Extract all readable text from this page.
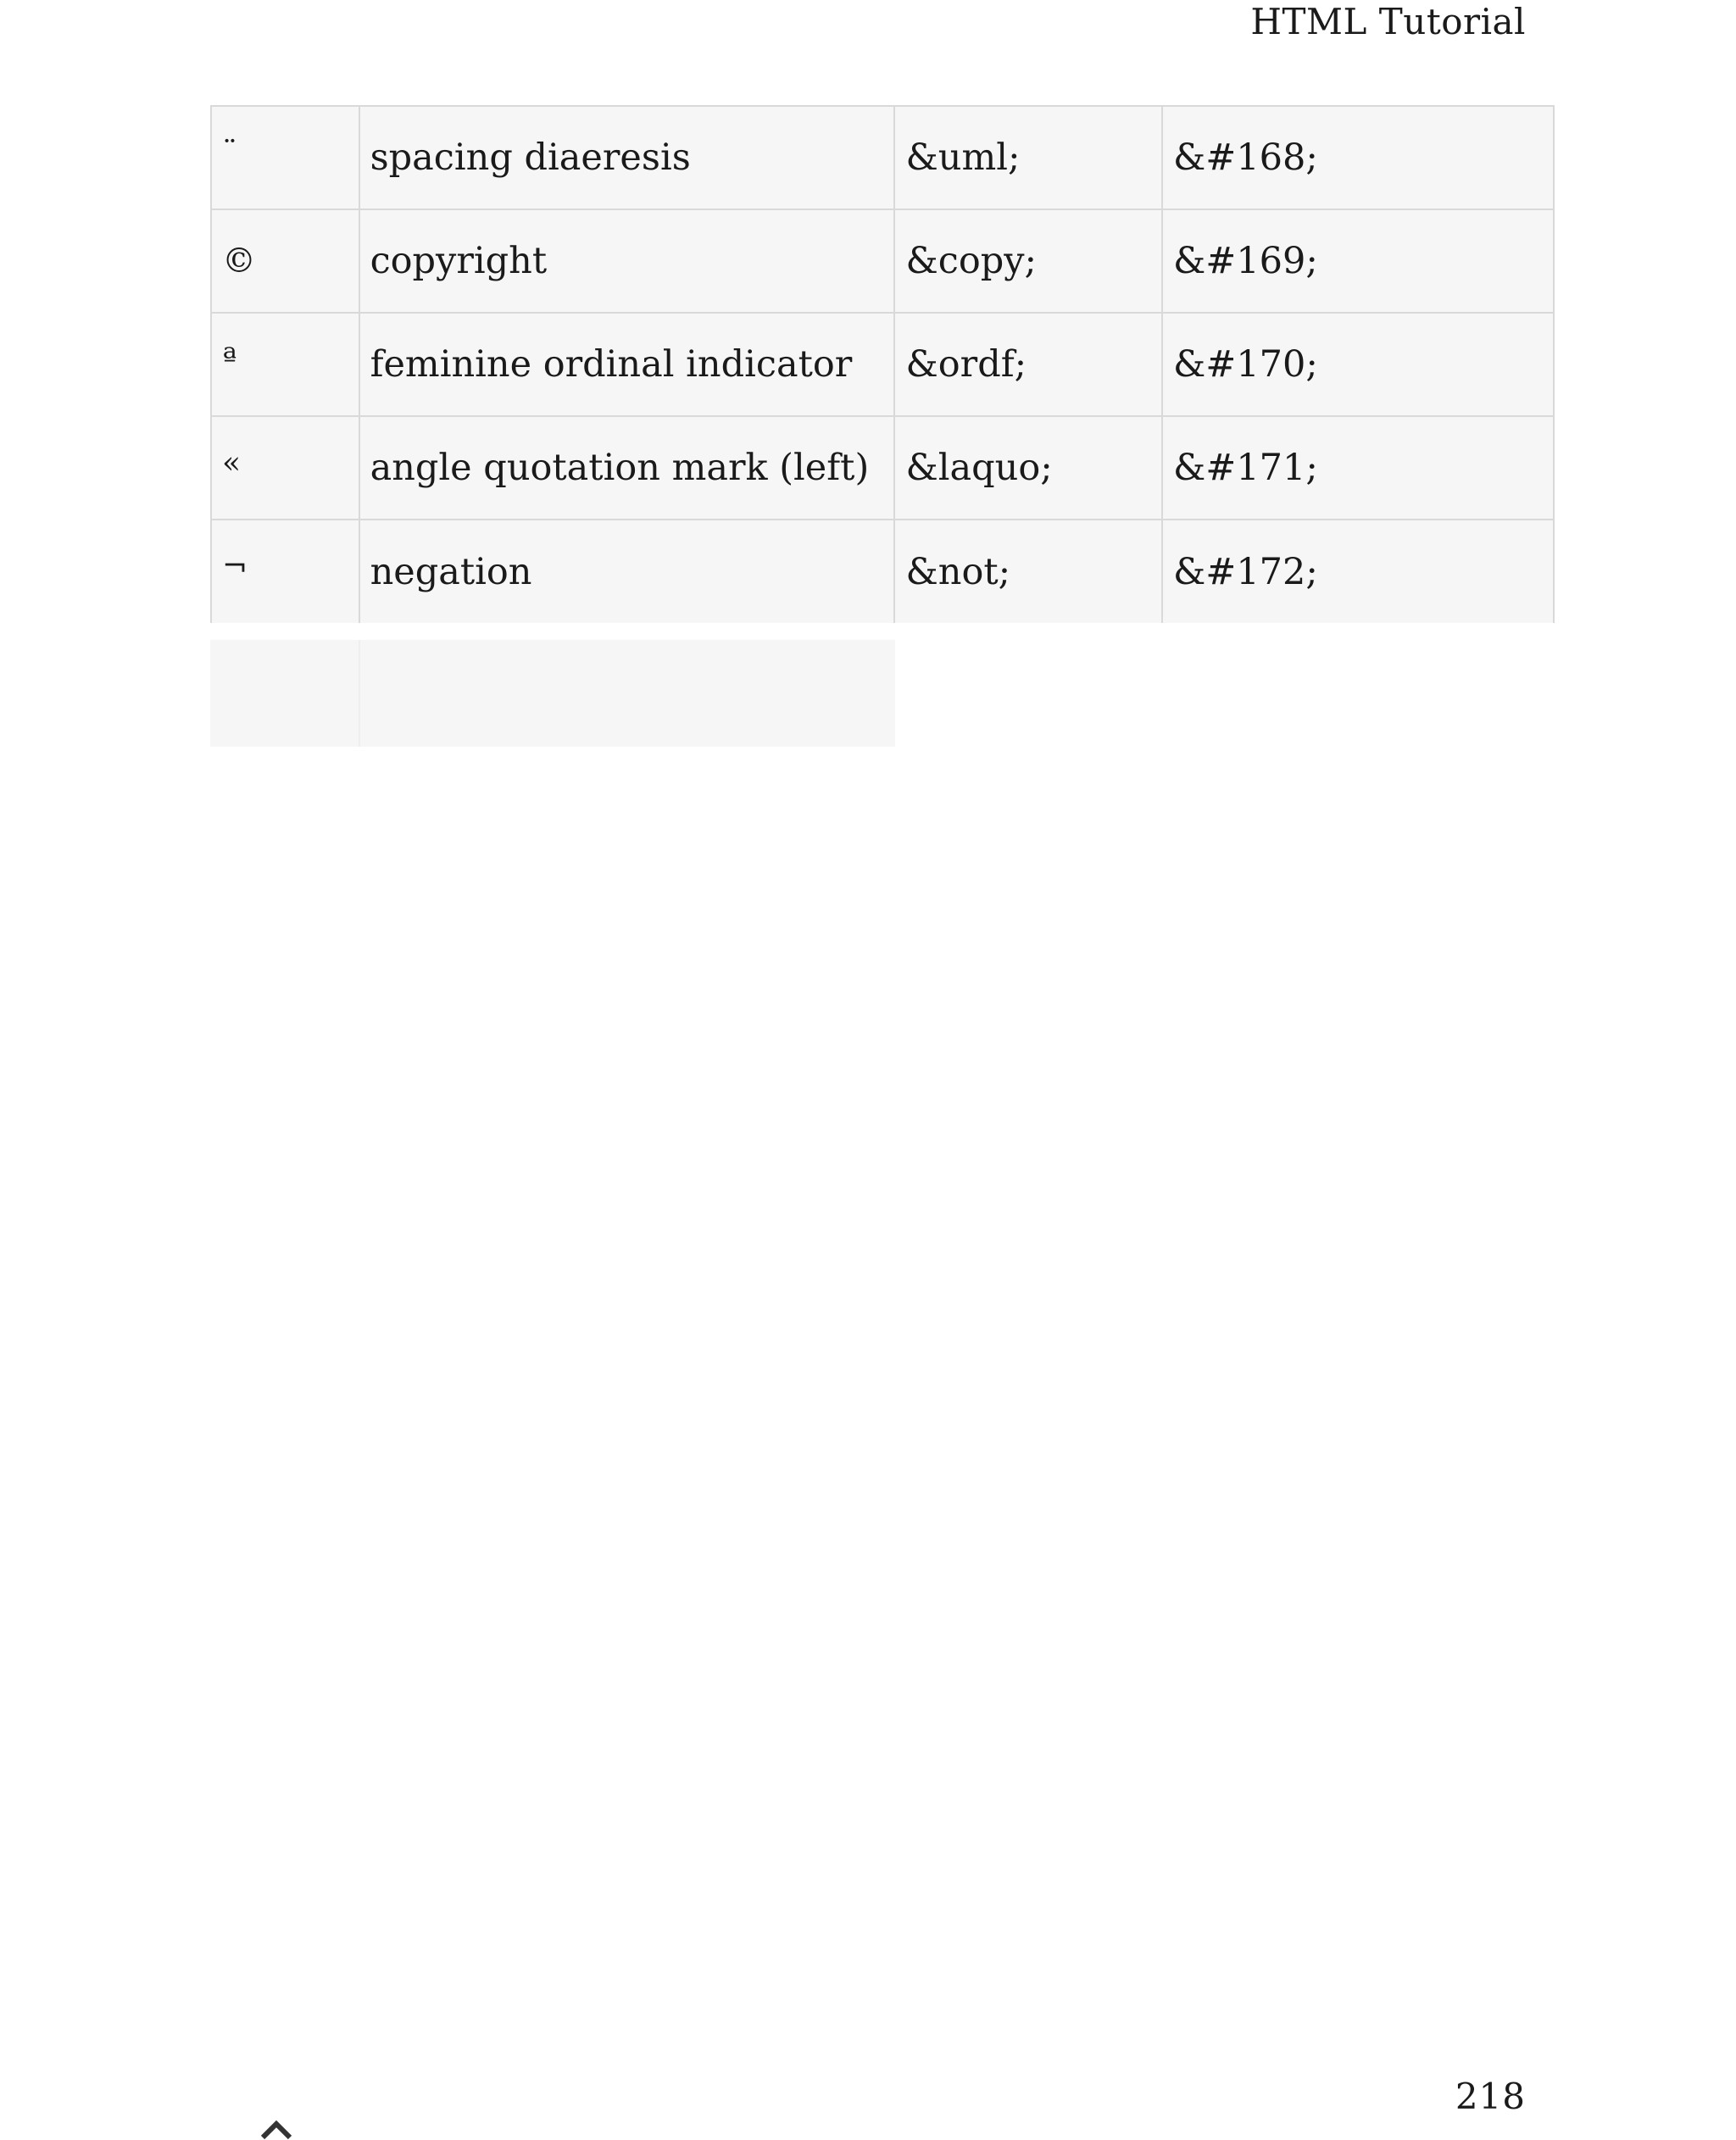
HTML Tutorial
¨	spacing diaeresis	&uml;	&#168;
©	copyright	&copy;	&#169;
ª	feminine ordinal indicator	&ordf;	&#170;
«	angle quotation mark (left)	&laquo;	&#171;
¬	negation	&not;	&#172;
218
